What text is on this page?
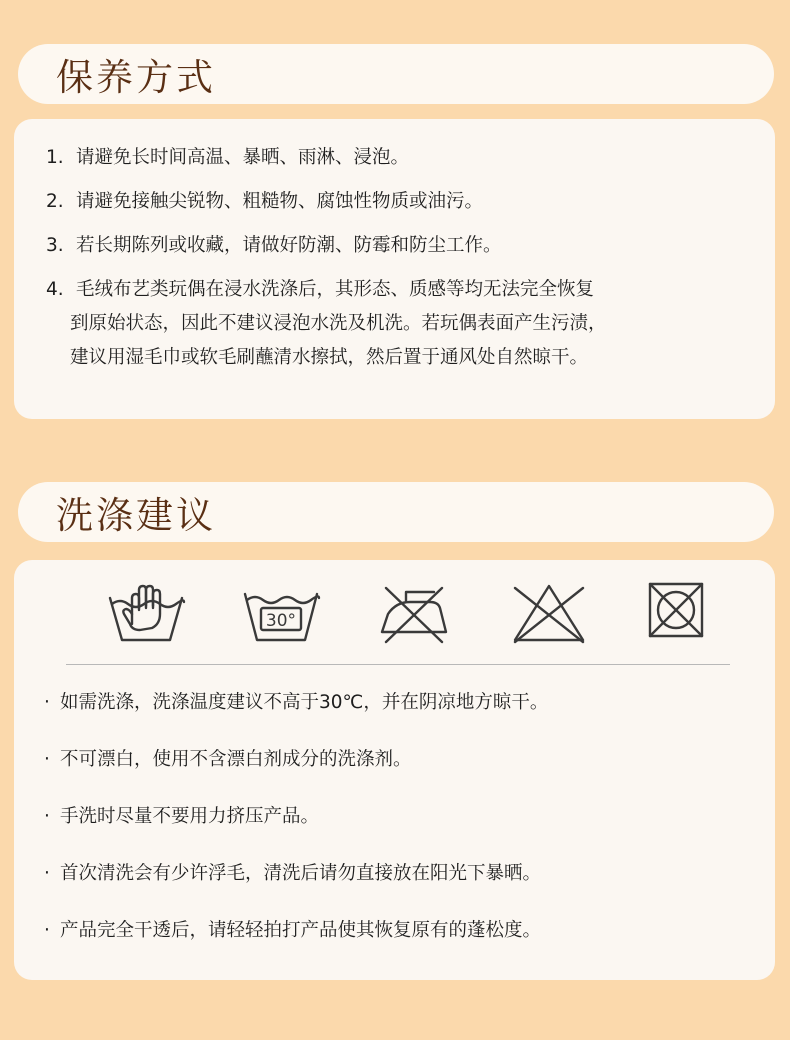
保养方式
1. 请避免长时间高温、暴晒、雨淋、浸泡。
2. 请避免接触尖锐物、粗糙物、腐蚀性物质或油污。
3. 若长期陈列或收藏，请做好防潮、防霉和防尘工作。
4. 毛绒布艺类玩偶在浸水洗涤后，其形态、质感等均无法完全恢复
到原始状态，因此不建议浸泡水洗及机洗。若玩偶表面产生污渍，
建议用湿毛巾或软毛刷蘸清水擦拭，然后置于通风处自然晾干。
洗涤建议
30°
· 如需洗涤，洗涤温度建议不高于30℃，并在阴凉地方晾干。
· 不可漂白，使用不含漂白剂成分的洗涤剂。
· 手洗时尽量不要用力挤压产品。
· 首次清洗会有少许浮毛，清洗后请勿直接放在阳光下暴晒。
· 产品完全干透后，请轻轻拍打产品使其恢复原有的蓬松度。
